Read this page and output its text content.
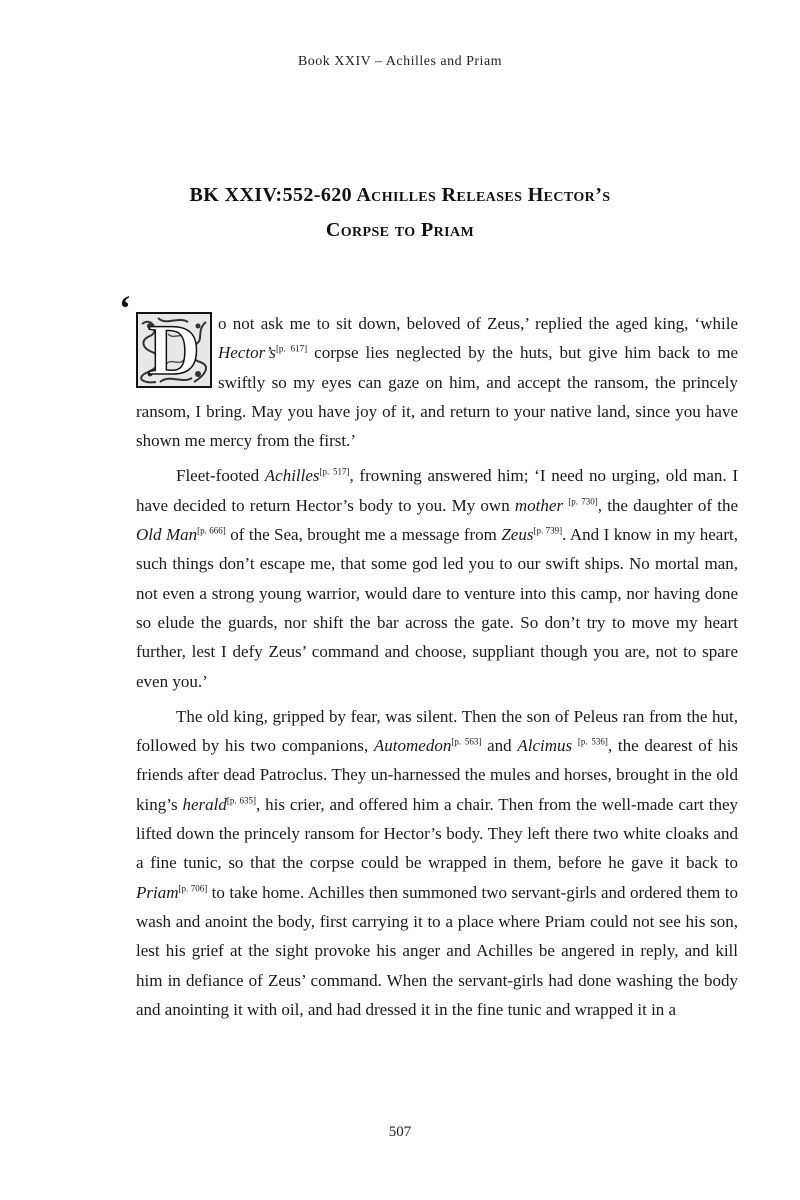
Book XXIV – Achilles and Priam
BK XXIV:552-620 Achilles Releases Hector’s
Corpse to Priam
‘

D	o not ask me to sit down, beloved of Zeus,’ replied the aged king, ‘while Hector’s[p. 617] corpse lies neglected by the huts, but give him back to me swiftly so my eyes can gaze on him, and accept the ransom, the princely ransom, I bring. May you have joy of it, and return to your native land, since you have shown me mercy from the first.’

Fleet-footed Achilles[p. 517], frowning answered him; ‘I need no urging, old man. I have decided to return Hector’s body to you. My own mother [p. 730], the daughter of the Old Man[p. 666] of the Sea, brought me a message from Zeus[p. 739]. And I know in my heart, such things don’t escape me, that some god led you to our swift ships. No mortal man, not even a strong young warrior, would dare to venture into this camp, nor having done so elude the guards, nor shift the bar across the gate. So don’t try to move my heart further, lest I defy Zeus’ command and choose, suppliant though you are, not to spare even you.’

The old king, gripped by fear, was silent. Then the son of Peleus ran from the hut, followed by his two companions, Automedon[p. 563] and Alcimus [p. 536], the dearest of his friends after dead Patroclus. They un-harnessed the mules and horses, brought in the old king’s herald[p. 635], his crier, and offered him a chair. Then from the well-made cart they lifted down the princely ransom for Hector’s body. They left there two white cloaks and a fine tunic, so that the corpse could be wrapped in them, before he gave it back to Priam[p. 706] to take home. Achilles then summoned two servant-girls and ordered them to wash and anoint the body, first carrying it to a place where Priam could not see his son, lest his grief at the sight provoke his anger and Achilles be angered in reply, and kill him in defiance of Zeus’ command. When the servant-girls had done washing the body and anointing it with oil, and had dressed it in the fine tunic and wrapped it in a

507
